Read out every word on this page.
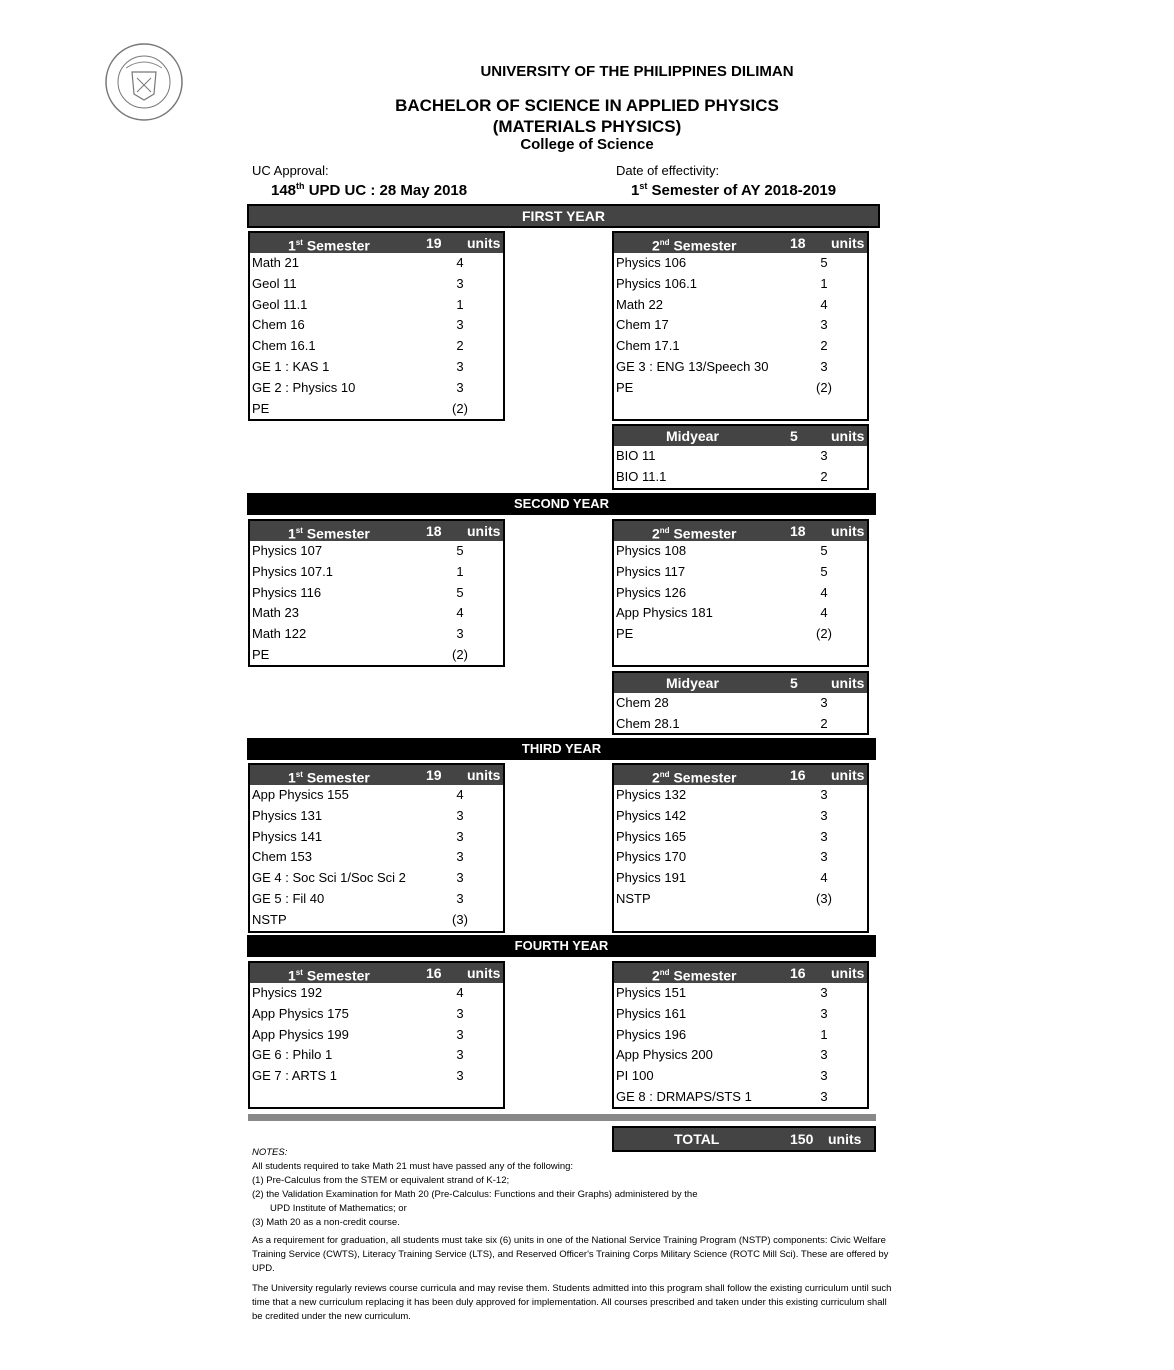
UNIVERSITY OF THE PHILIPPINES DILIMAN
BACHELOR OF SCIENCE IN APPLIED PHYSICS
(MATERIALS PHYSICS)
College of Science
UC Approval:
148th UPD UC : 28 May 2018
Date of effectivity:
1st Semester of AY 2018-2019
FIRST YEAR
SECOND YEAR
THIRD YEAR
FOURTH YEAR
1st Semester	19 units
Math 21	4
Geol 11	3
Geol 11.1	1
Chem 16	3
Chem 16.1	2
GE 1 : KAS 1	3
GE 2 : Physics 10	3
PE	(2)
2nd Semester	18 units
Physics 106	5
Physics 106.1	1
Math 22	4
Chem 17	3
Chem 17.1	2
GE 3 : ENG 13/Speech 30	3
PE	(2)
Midyear	5 units
BIO 11	3
BIO 11.1	2
1st Semester	18 units
Physics 107	5
Physics 107.1	1
Physics 116	5
Math 23	4
Math 122	3
PE	(2)
2nd Semester	18 units
Physics 108	5
Physics 117	5
Physics 126	4
App Physics 181	4
PE	(2)
Midyear	5 units
Chem 28	3
Chem 28.1	2
1st Semester	19 units
App Physics 155	4
Physics 131	3
Physics 141	3
Chem 153	3
GE 4 : Soc Sci 1/Soc Sci 2	3
GE 5 : Fil 40	3
NSTP	(3)
2nd Semester	16 units
Physics 132	3
Physics 142	3
Physics 165	3
Physics 170	3
Physics 191	4
NSTP	(3)
1st Semester	16 units
Physics 192	4
App Physics 175	3
App Physics 199	3
GE 6 : Philo 1	3
GE 7 : ARTS 1	3
2nd Semester	16 units
Physics 151	3
Physics 161	3
Physics 196	1
App Physics 200	3
PI 100	3
GE 8 : DRMAPS/STS 1	3
TOTAL	150 units
NOTES:
All students required to take Math 21 must have passed any of the following:
(1) Pre-Calculus from the STEM or equivalent strand of K-12;
(2) the Validation Examination for Math 20 (Pre-Calculus: Functions and their Graphs) administered by the
UPD Institute of Mathematics; or
(3) Math 20 as a non-credit course.
As a requirement for graduation, all students must take six (6) units in one of the National Service Training Program (NSTP) components: Civic Welfare Training Service (CWTS), Literacy Training Service (LTS), and Reserved Officer's Training Corps Military Science (ROTC Mill Sci). These are offered by UPD.
The University regularly reviews course curricula and may revise them. Students admitted into this program shall follow the existing curriculum until such time that a new curriculum replacing it has been duly approved for implementation. All courses prescribed and taken under this existing curriculum shall be credited under the new curriculum.
